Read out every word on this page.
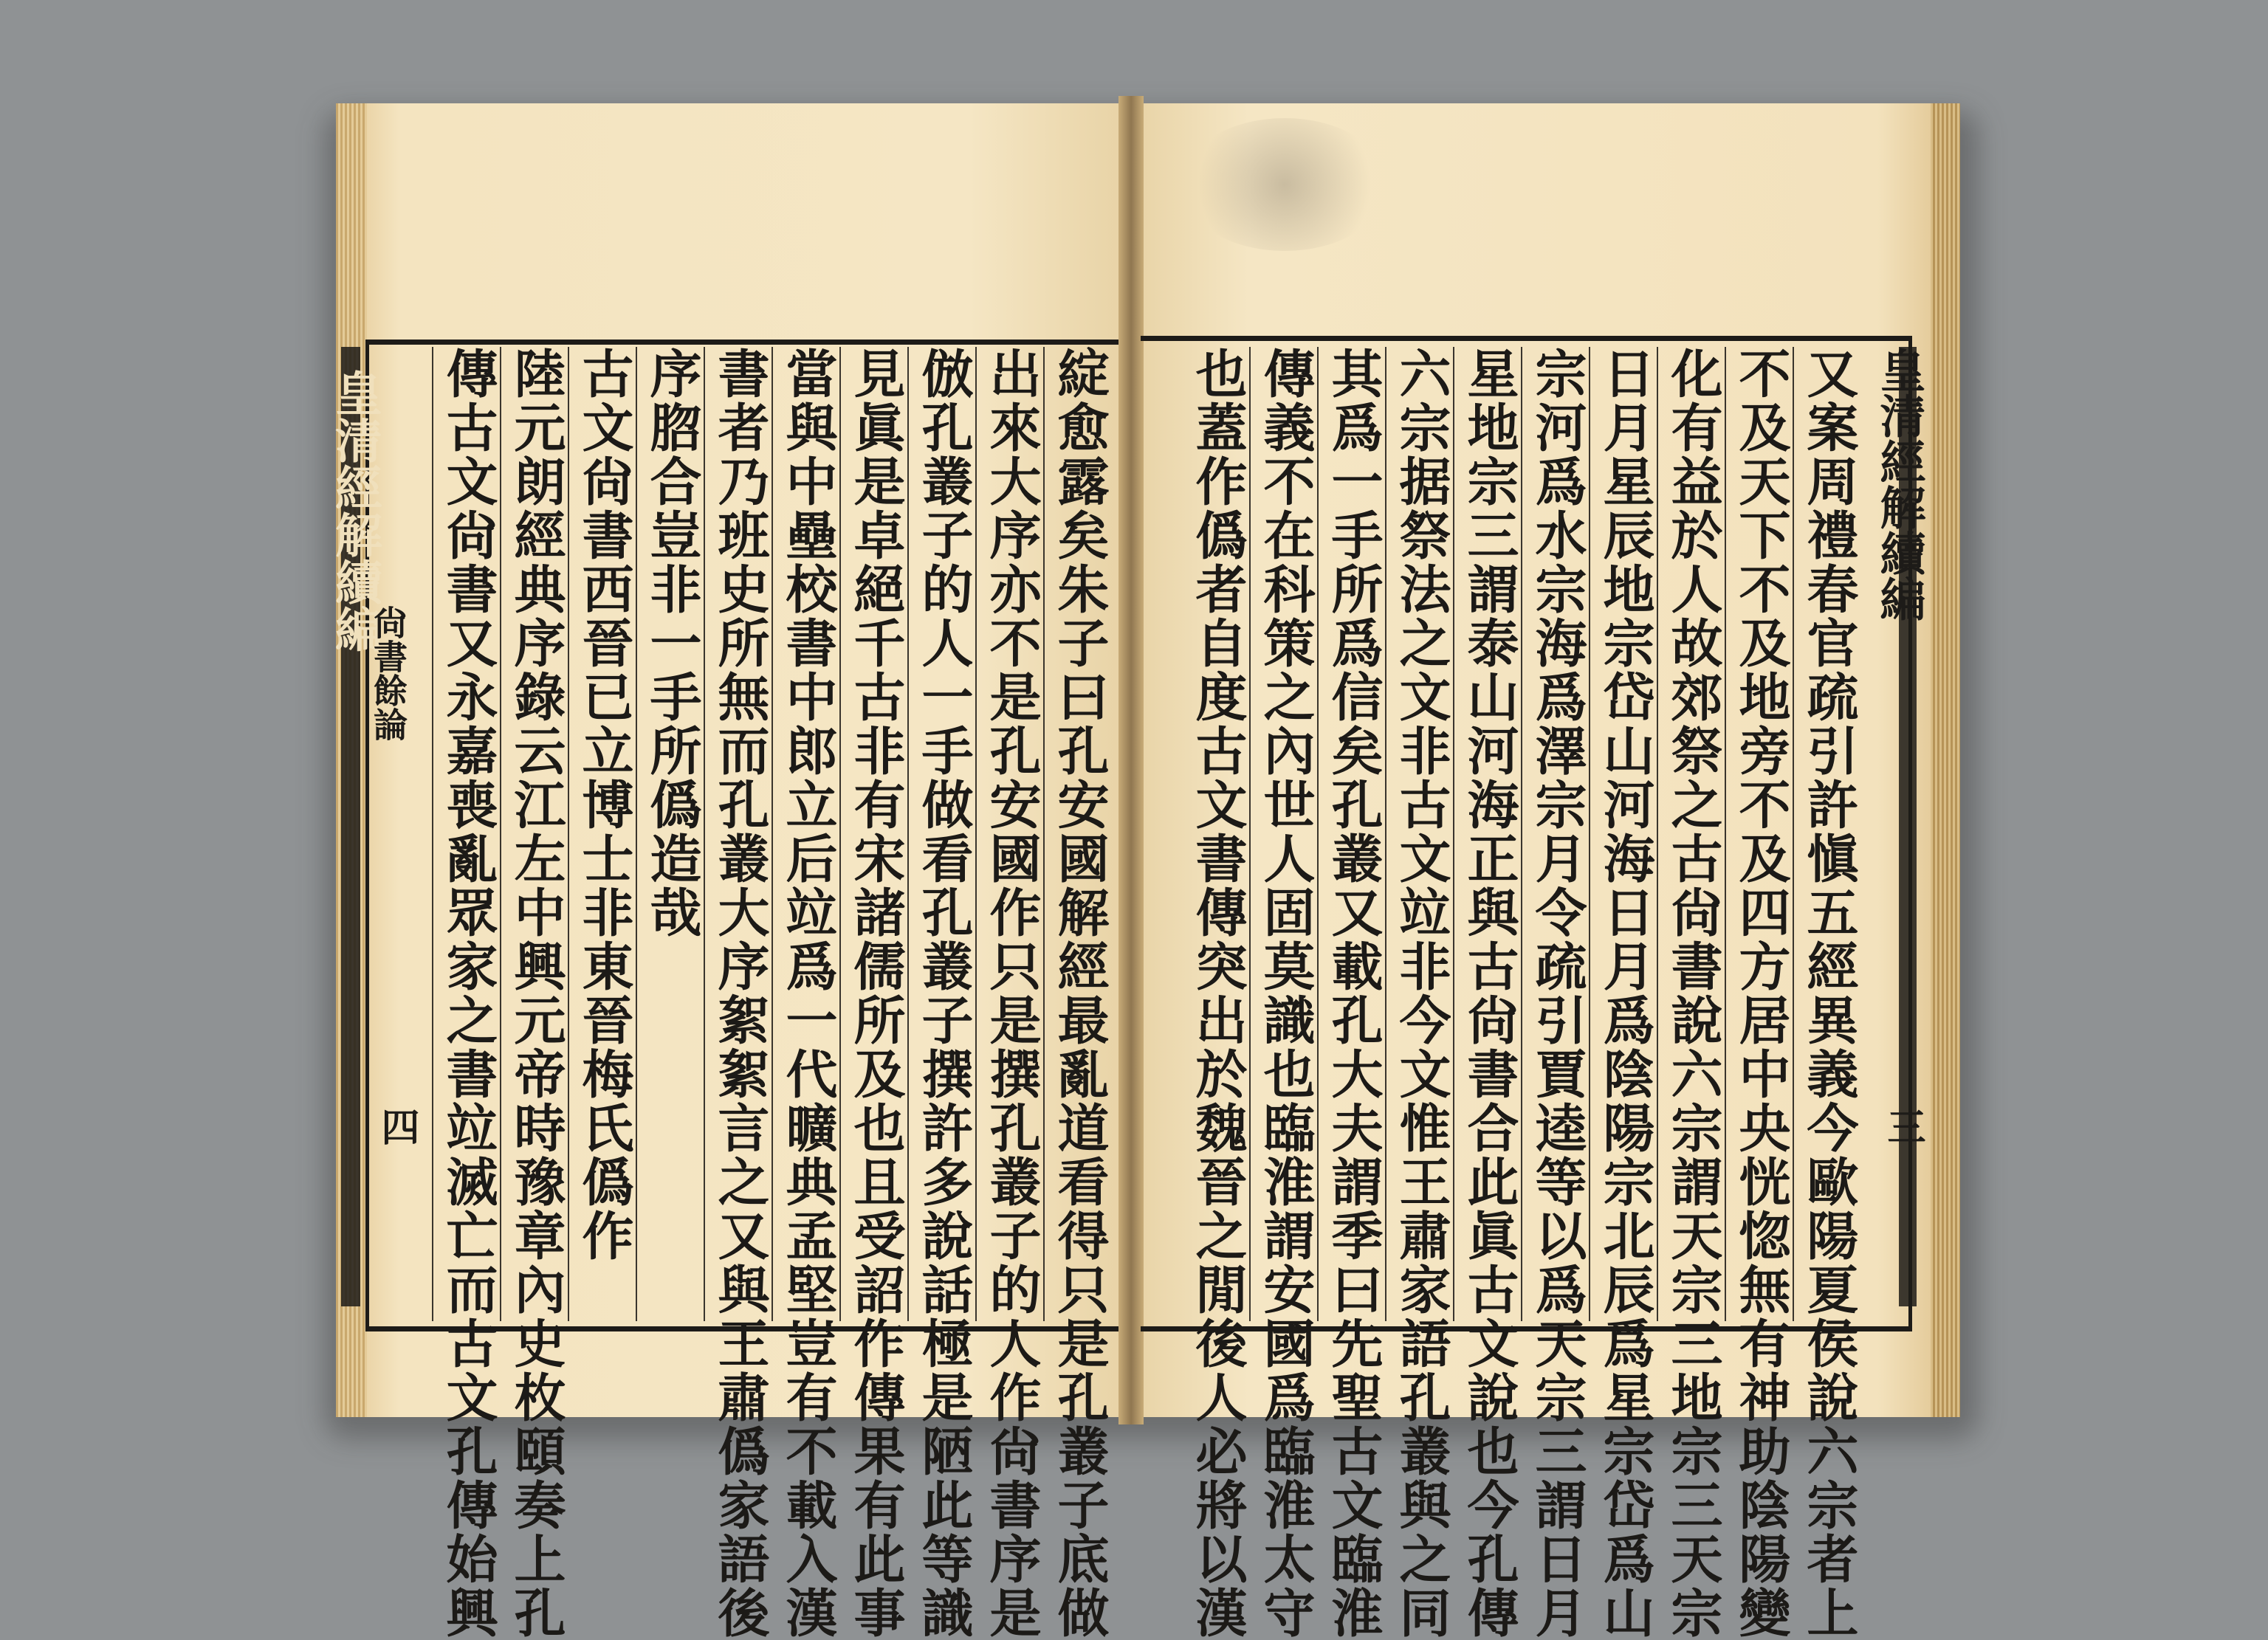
皇清經解續編
尙書餘論
四	綻愈露矣朱子曰孔安國解經最亂道看得只是孔叢子底做
出來大序亦不是孔安國作只是撰孔叢子的人作尙書序是
倣孔叢子的人一手做看孔叢子撰許多說話極是陋此等識
見眞是卓絕千古非有宋諸儒所及也且受詔作傳果有此事
當與中壘校書中郎立后竝爲一代曠典孟堅豈有不載入漢
書者乃班史所無而孔叢大序絮絮言之又與王肅僞家語後
序脗合豈非一手所僞造哉
古文尙書西晉已立博士非東晉梅氏僞作
陸元朗經典序錄云江左中興元帝時豫章內史枚頤奏上孔
傳古文尙書又永嘉喪亂眾家之書竝滅亡而古文孔傳始興	皇清經解續編
三
又案周禮春官疏引許愼五經異義今歐陽夏侯說六宗者上
不及天下不及地旁不及四方居中央恍惚無有神助陰陽變
化有益於人故郊祭之古尙書說六宗謂天宗三地宗三天宗
日月星辰地宗岱山河海日月爲陰陽宗北辰爲星宗岱爲山
宗河爲水宗海爲澤宗月令疏引賈逵等以爲天宗三謂日月
星地宗三謂泰山河海正與古尙書合此眞古文說也今孔傳
六宗据祭法之文非古文竝非今文惟王肅家語孔叢與之同
其爲一手所爲信矣孔叢又載孔大夫謂季曰先聖古文臨淮
傳義不在科策之內世人固莫識也臨淮謂安國爲臨淮太守
也蓋作僞者自度古文書傳突出於魏晉之閒後人必將以漢
